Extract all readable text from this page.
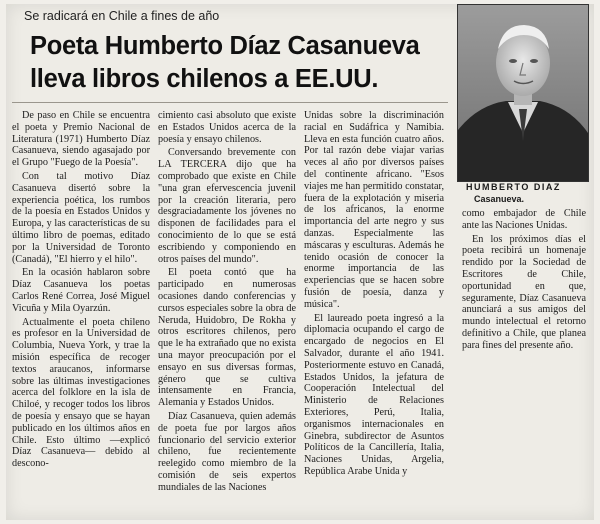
Se radicará en Chile a fines de año
Poeta Humberto Díaz Casanueva
lleva libros chilenos a EE.UU.
HUMBERTO DIAZ
Casanueva.

De paso en Chile se encuentra el poeta y Premio Nacional de Literatura (1971) Humberto Díaz Casanueva, siendo agasajado por el Grupo "Fuego de la Poesía".

Con tal motivo Díaz Casanueva disertó sobre la experiencia poética, los rumbos de la poesía en Estados Unidos y Europa, y las características de su último libro de poemas, editado por la Universidad de Toronto (Canadá), "El hierro y el hilo".

En la ocasión hablaron sobre Díaz Casanueva los poetas Carlos René Correa, José Miguel Vicuña y Mila Oyarzún.

Actualmente el poeta chileno es profesor en la Universidad de Columbia, Nueva York, y trae la misión específica de recoger textos araucanos, informarse sobre las últimas investigaciones acerca del folklore en la isla de Chiloé, y recoger todos los libros de poesía y ensayo que se hayan publicado en los últimos años en Chile. Esto último —explicó Díaz Casanueva— debido al descono-

cimiento casi absoluto que existe en Estados Unidos acerca de la poesía y ensayo chilenos.

Conversando brevemente con LA TERCERA dijo que ha comprobado que existe en Chile "una gran efervescencia juvenil por la creación literaria, pero desgraciadamente los jóvenes no disponen de facilidades para el conocimiento de lo que se está escribiendo y componiendo en otros países del mundo".

El poeta contó que ha participado en numerosas ocasiones dando conferencias y cursos especiales sobre la obra de Neruda, Huidobro, De Rokha y otros escritores chilenos, pero que le ha extrañado que no exista una mayor preocupación por el ensayo en sus diversas formas, género que se cultiva intensamente en Francia, Alemania y Estados Unidos.

Díaz Casanueva, quien además de poeta fue por largos años funcionario del servicio exterior chileno, fue recientemente reelegido como miembro de la comisión de seis expertos mundiales de las Naciones

Unidas sobre la discriminación racial en Sudáfrica y Namibia. Lleva en esta función cuatro años. Por tal razón debe viajar varias veces al año por diversos países del continente africano. "Esos viajes me han permitido constatar, fuera de la explotación y miseria de los africanos, la enorme importancia del arte negro y sus danzas. Especialmente las máscaras y esculturas. Además he tenido ocasión de conocer la enorme importancia de las experiencias que se hacen sobre fusión de poesía, danza y música".

El laureado poeta ingresó a la diplomacia ocupando el cargo de encargado de negocios en El Salvador, durante el año 1941. Posteriormente estuvo en Canadá, Estados Unidos, la jefatura de Cooperación Intelectual del Ministerio de Relaciones Exteriores, Perú, Italia, organismos internacionales en Ginebra, subdirector de Asuntos Políticos de la Cancillería, Italia, Naciones Unidas, Argelia, República Arabe Unida y

como embajador de Chile ante las Naciones Unidas.

En los próximos días el poeta recibirá un homenaje rendido por la Sociedad de Escritores de Chile, oportunidad en que, seguramente, Díaz Casanueva anunciará a sus amigos del mundo intelectual el retorno definitivo a Chile, que planea para fines del presente año.
